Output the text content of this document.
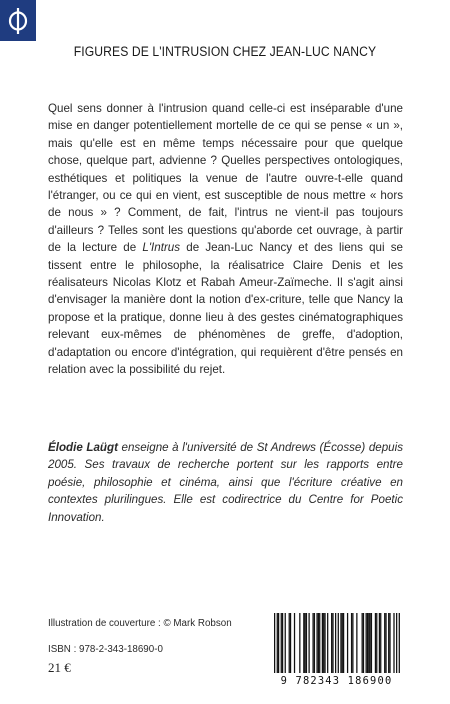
FIGURES DE L'INTRUSION CHEZ JEAN-LUC NANCY

Quel sens donner à l'intrusion quand celle-ci est inséparable d'une mise en danger potentiellement mortelle de ce qui se pense « un », mais qu'elle est en même temps nécessaire pour que quelque chose, quelque part, advienne ? Quelles perspectives ontologiques, esthétiques et politiques la venue de l'autre ouvre-t-elle quand l'étranger, ou ce qui en vient, est susceptible de nous mettre « hors de nous » ? Comment, de fait, l'intrus ne vient-il pas toujours d'ailleurs ? Telles sont les questions qu'aborde cet ouvrage, à partir de la lecture de L'Intrus de Jean-Luc Nancy et des liens qui se tissent entre le philosophe, la réalisatrice Claire Denis et les réalisateurs Nicolas Klotz et Rabah Ameur-Zaïmeche. Il s'agit ainsi d'envisager la manière dont la notion d'ex-criture, telle que Nancy la propose et la pratique, donne lieu à des gestes cinématographiques relevant eux-mêmes de phénomènes de greffe, d'adoption, d'adaptation ou encore d'intégration, qui requièrent d'être pensés en relation avec la possibilité du rejet.

Élodie Laügt enseigne à l'université de St Andrews (Écosse) depuis 2005. Ses travaux de recherche portent sur les rapports entre poésie, philosophie et cinéma, ainsi que l'écriture créative en contextes plurilingues. Elle est codirectrice du Centre for Poetic Innovation.

Illustration de couverture : © Mark Robson
ISBN : 978-2-343-18690-0
21 €
9 782343 186900
